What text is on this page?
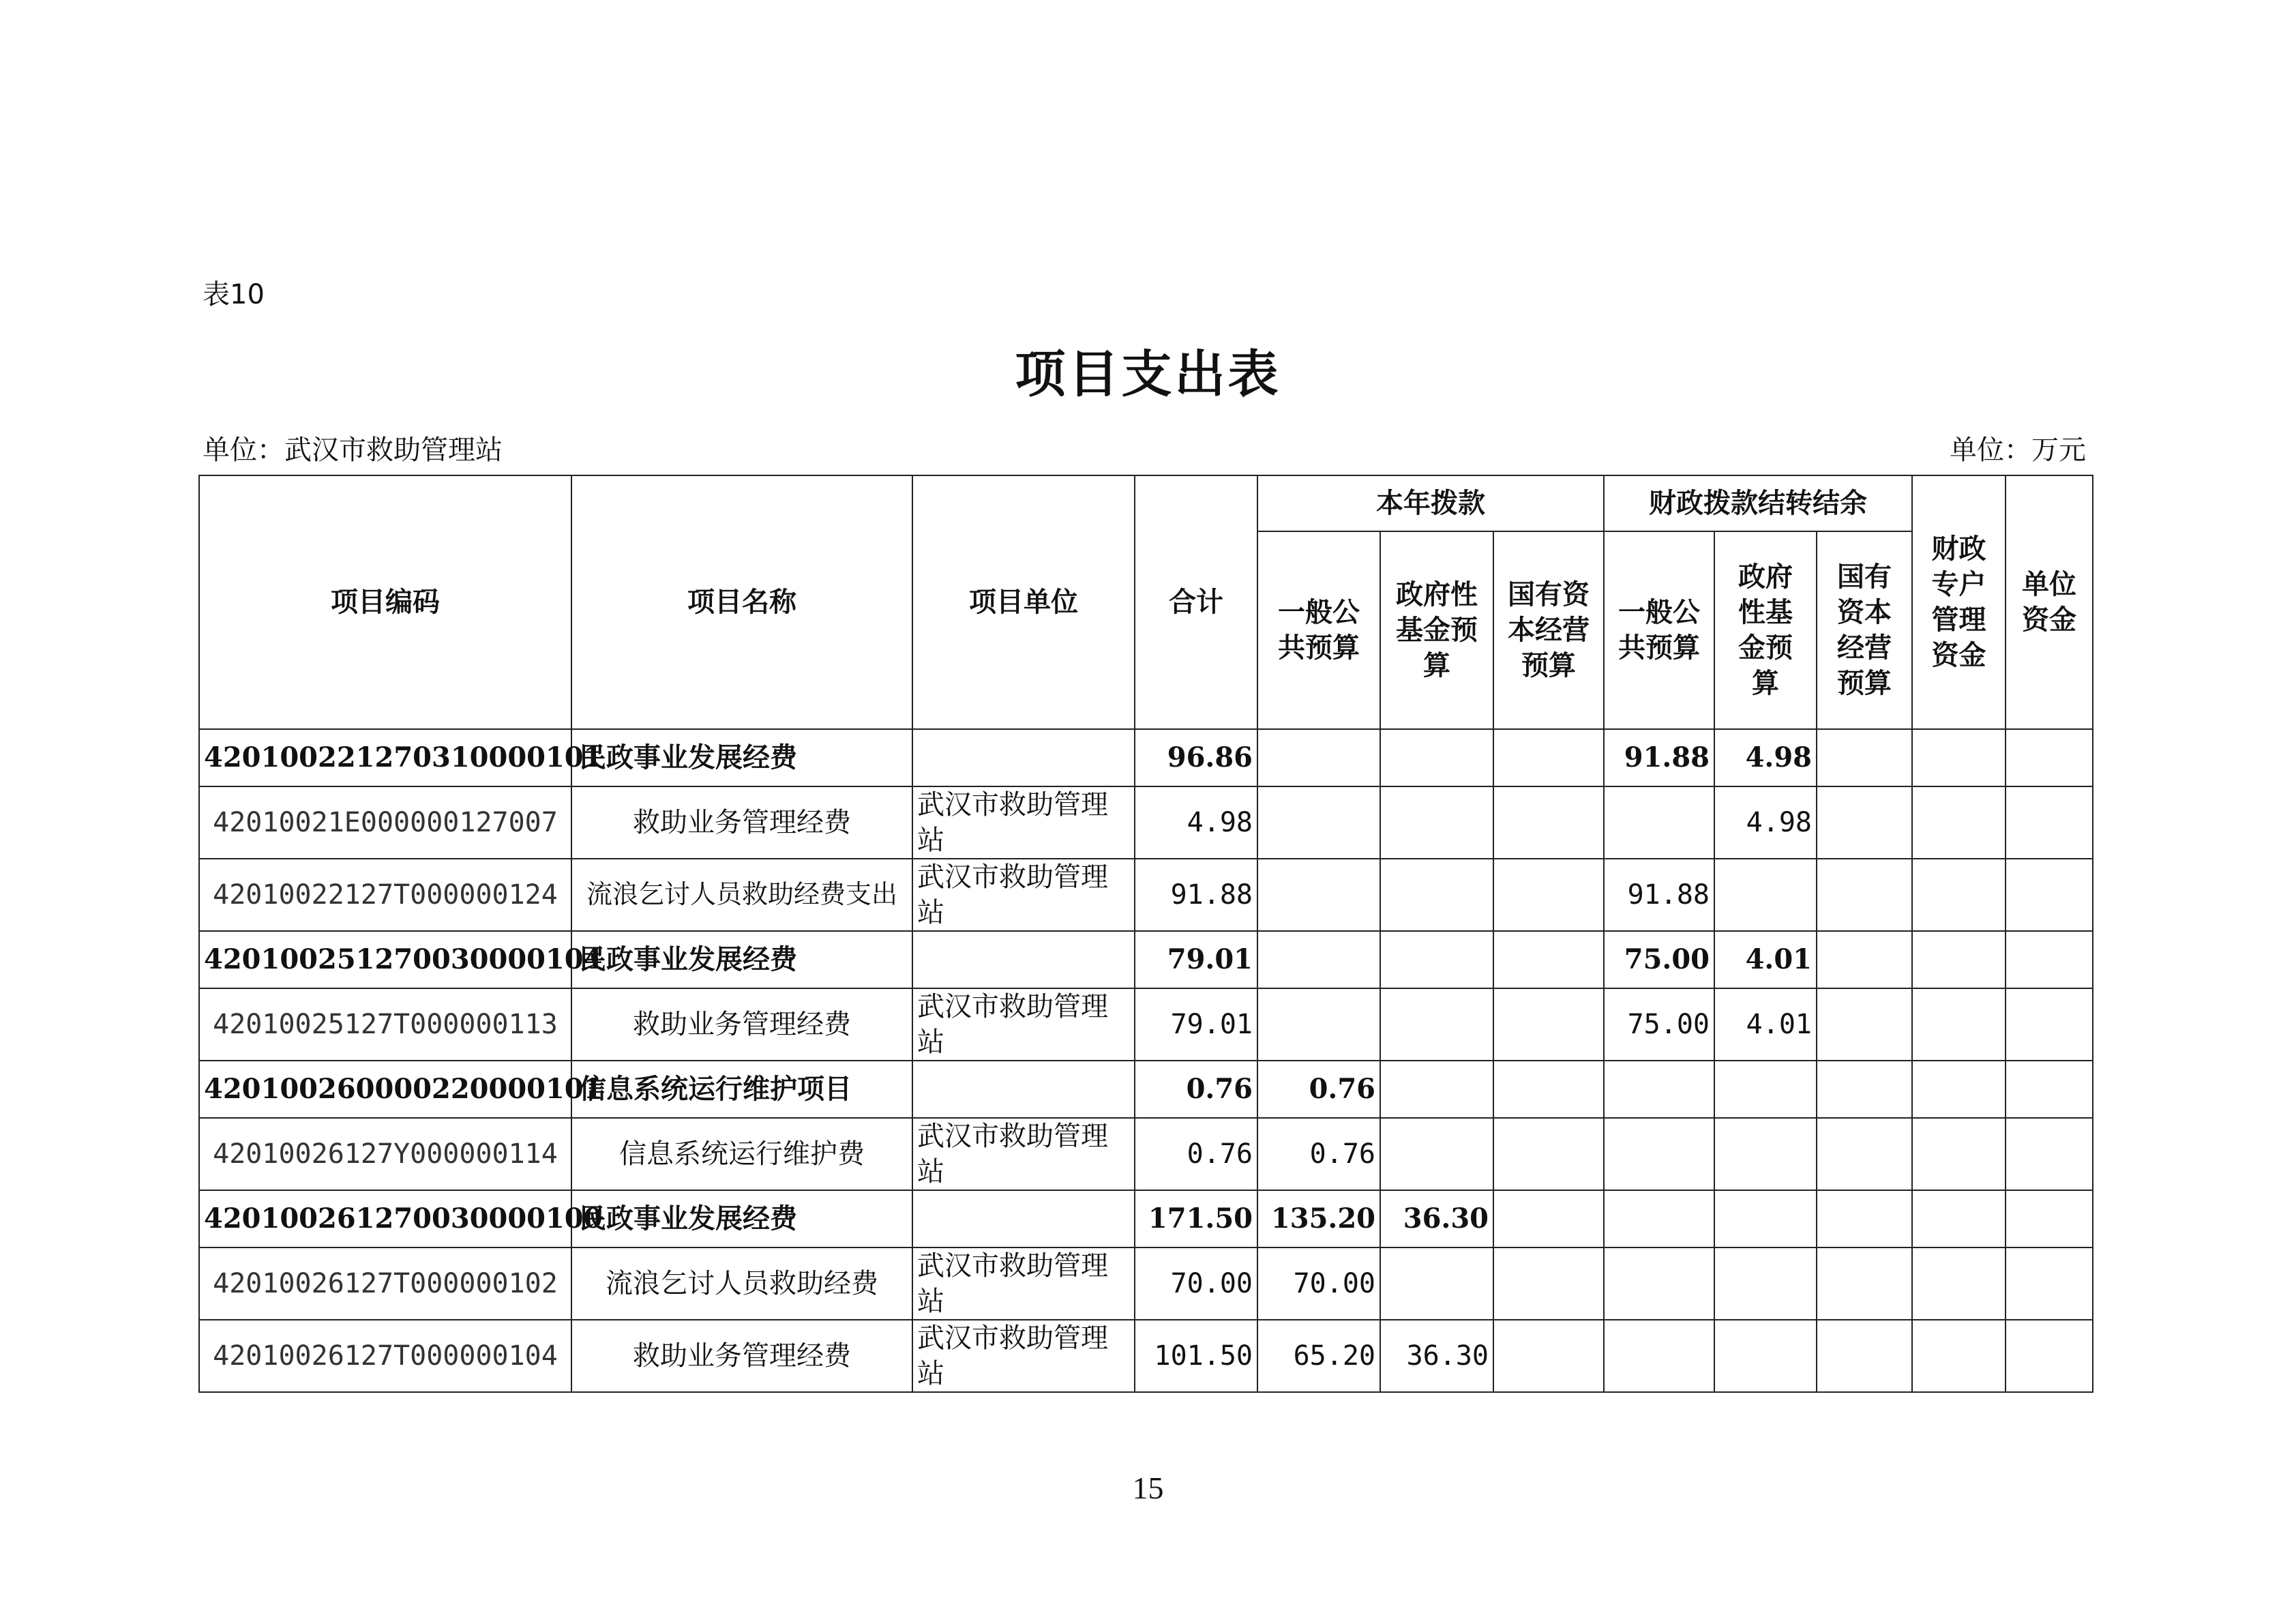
表10
项目支出表
单位：武汉市救助管理站	单位：万元
项目编码	项目名称	项目单位	合计	本年拨款			财政拨款结转结余			财政专户管理资金	单位资金

				一般公共预算	政府性基金预算	国有资本经营预算	一般公共预算	政府性基金预算	国有资本经营预算		

420100221270310000101	民政事业发展经费		96.86				91.88	4.98			
42010021E000000127007	救助业务管理经费	武汉市救助管理站	4.98					4.98			
42010022127T000000124	流浪乞讨人员救助经费支出	武汉市救助管理站	91.88				91.88				
420100251270030000104	民政事业发展经费		79.01				75.00	4.01			
42010025127T000000113	救助业务管理经费	武汉市救助管理站	79.01				75.00	4.01			
420100260000220000101	信息系统运行维护项目		0.76	0.76							
42010026127Y000000114	信息系统运行维护费	武汉市救助管理站	0.76	0.76							
420100261270030000100	民政事业发展经费		171.50	135.20	36.30						
42010026127T000000102	流浪乞讨人员救助经费	武汉市救助管理站	70.00	70.00							
42010026127T000000104	救助业务管理经费	武汉市救助管理站	101.50	65.20	36.30						
15
